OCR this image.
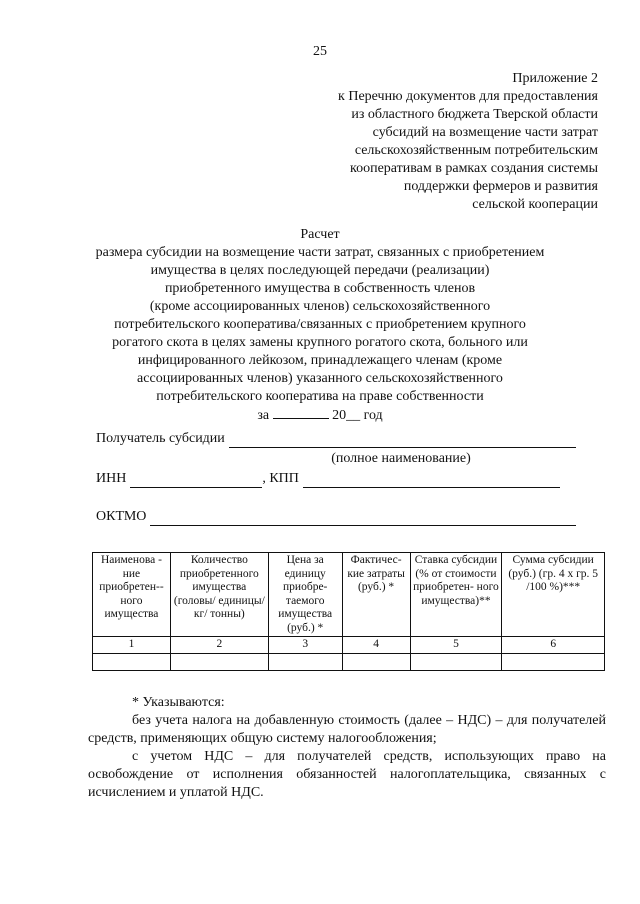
25
Приложение 2
к Перечню документов для предоставления
из областного бюджета Тверской области
субсидий на возмещение части затрат
сельскохозяйственным потребительским
кооперативам в рамках создания системы
поддержки фермеров и развития
сельской кооперации
Расчет
размера субсидии на возмещение части затрат, связанных с приобретением
имущества в целях последующей передачи (реализации)
приобретенного имущества в собственность членов
(кроме ассоциированных членов) сельскохозяйственного
потребительского кооператива/связанных с приобретением крупного
рогатого скота в целях замены крупного рогатого скота, больного или
инфицированного лейкозом, принадлежащего членам (кроме
ассоциированных членов) указанного сельскохозяйственного
потребительского кооператива на праве собственности
за	20__ год
Получатель субсидии
(полное наименование)
ИНН	, КПП
ОКТМО
Наименова - ние приобретен-- ного имущества	Количество приобретенного имущества (головы/ единицы/кг/ тонны)	Цена за единицу приобре- таемого имущества (руб.) *	Фактичес- кие затраты (руб.) *	Ставка субсидии (% от стоимости приобретен- ного имущества)**	Сумма субсидии (руб.) (гр. 4 х гр. 5 /100 %)***
1	2	3	4	5	6

* Указываются:

без учета налога на добавленную стоимость (далее – НДС) – для получателей средств, применяющих общую систему налогообложения;

с учетом НДС – для получателей средств, использующих право на освобождение от исполнения обязанностей налогоплательщика, связанных с исчислением и уплатой НДС.
